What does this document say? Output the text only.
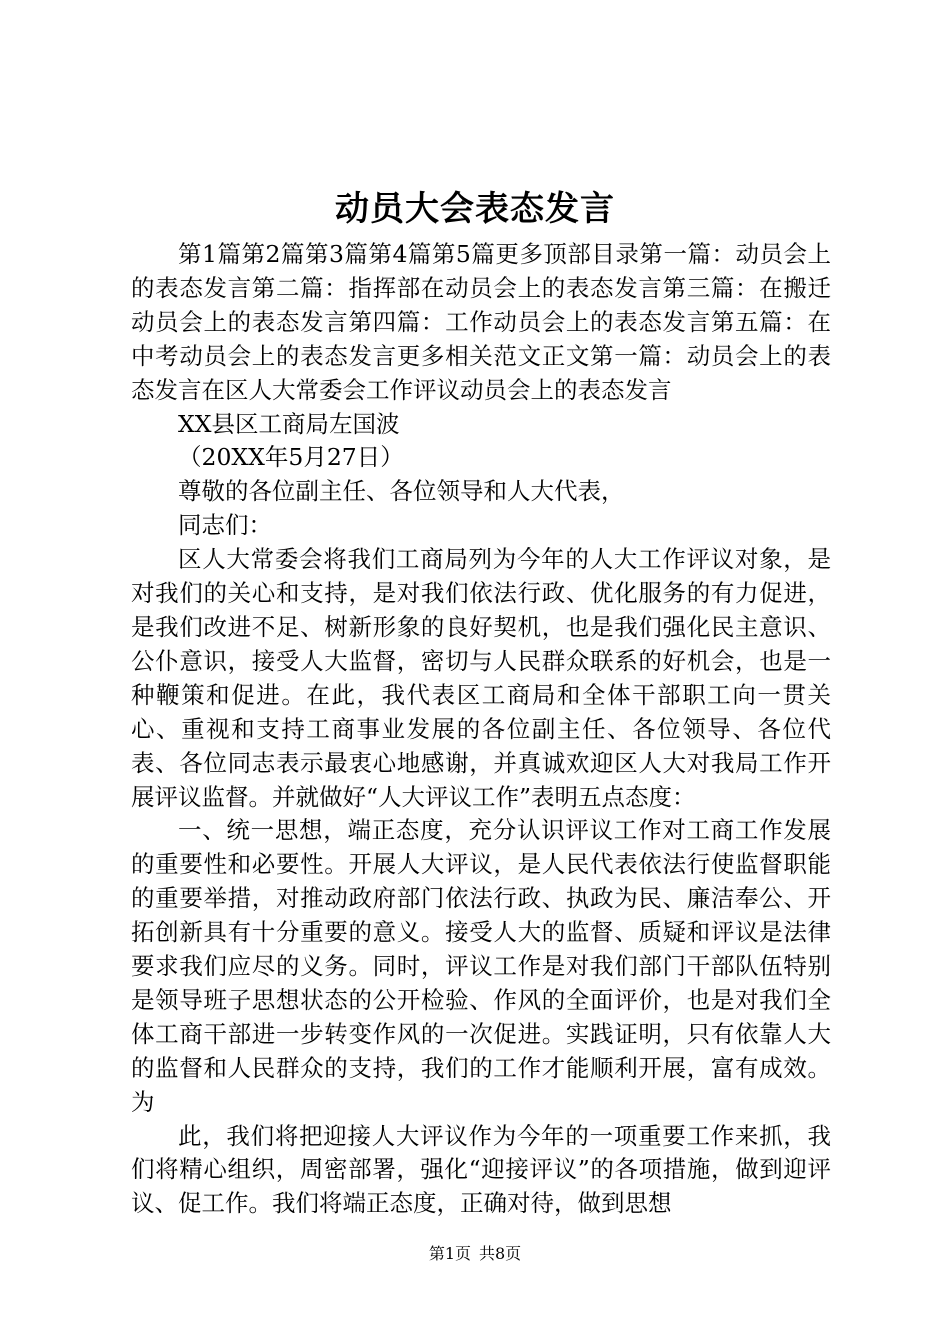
动员大会表态发言

第1篇第2篇第3篇第4篇第5篇更多顶部目录第一篇：动员会上的表态发言第二篇：指挥部在动员会上的表态发言第三篇：在搬迁动员会上的表态发言第四篇：工作动员会上的表态发言第五篇：在中考动员会上的表态发言更多相关范文正文第一篇：动员会上的表态发言在区人大常委会工作评议动员会上的表态发言

XX县区工商局左国波

（20XX年5月27日）

尊敬的各位副主任、各位领导和人大代表，

同志们：

区人大常委会将我们工商局列为今年的人大工作评议对象，是对我们的关心和支持，是对我们依法行政、优化服务的有力促进，是我们改进不足、树新形象的良好契机，也是我们强化民主意识、公仆意识，接受人大监督，密切与人民群众联系的好机会，也是一种鞭策和促进。在此，我代表区工商局和全体干部职工向一贯关心、重视和支持工商事业发展的各位副主任、各位领导、各位代表、各位同志表示最衷心地感谢，并真诚欢迎区人大对我局工作开展评议监督。并就做好“人大评议工作”表明五点态度：

一、统一思想，端正态度，充分认识评议工作对工商工作发展的重要性和必要性。开展人大评议，是人民代表依法行使监督职能的重要举措，对推动政府部门依法行政、执政为民、廉洁奉公、开拓创新具有十分重要的意义。接受人大的监督、质疑和评议是法律要求我们应尽的义务。同时，评议工作是对我们部门干部队伍特别是领导班子思想状态的公开检验、作风的全面评价，也是对我们全体工商干部进一步转变作风的一次促进。实践证明，只有依靠人大的监督和人民群众的支持，我们的工作才能顺利开展，富有成效。为

此，我们将把迎接人大评议作为今年的一项重要工作来抓，我们将精心组织，周密部署，强化“迎接评议”的各项措施，做到迎评议、促工作。我们将端正态度，正确对待，做到思想

第1页 共8页
